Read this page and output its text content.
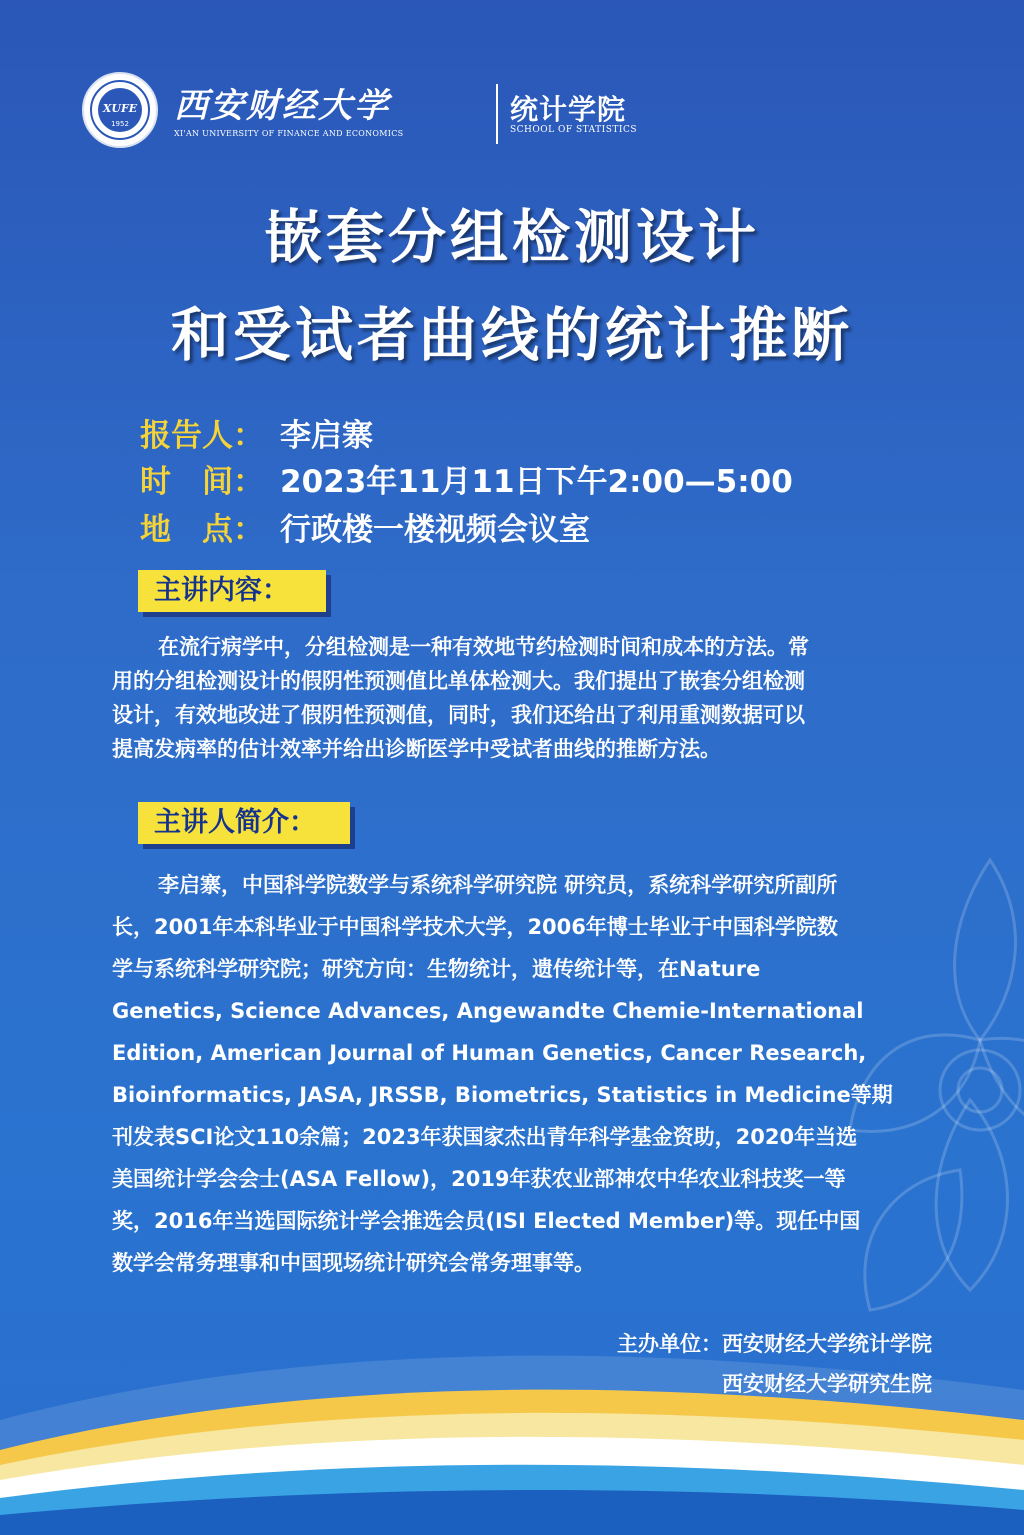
XUFE
1952	西安财经大学
XI'AN UNIVERSITY OF FINANCE AND ECONOMICS
统计学院
SCHOOL OF STATISTICS
嵌套分组检测设计
和受试者曲线的统计推断
报告人： 李启寨
时　间： 2023年11月11日下午2:00—5:00
地　点： 行政楼一楼视频会议室
主讲内容：
在流行病学中，分组检测是一种有效地节约检测时间和成本的方法。常
用的分组检测设计的假阴性预测值比单体检测大。我们提出了嵌套分组检测
设计，有效地改进了假阴性预测值，同时，我们还给出了利用重测数据可以
提高发病率的估计效率并给出诊断医学中受试者曲线的推断方法。
主讲人简介：
李启寨，中国科学院数学与系统科学研究院 研究员，系统科学研究所副所
长，2001年本科毕业于中国科学技术大学，2006年博士毕业于中国科学院数
学与系统科学研究院；研究方向：生物统计，遗传统计等，在Nature
Genetics, Science Advances, Angewandte Chemie-International
Edition, American Journal of Human Genetics, Cancer Research,
Bioinformatics, JASA, JRSSB, Biometrics, Statistics in Medicine等期
刊发表SCI论文110余篇；2023年获国家杰出青年科学基金资助，2020年当选
美国统计学会会士(ASA Fellow)，2019年获农业部神农中华农业科技奖一等
奖，2016年当选国际统计学会推选会员(ISI Elected Member)等。现任中国
数学会常务理事和中国现场统计研究会常务理事等。
主办单位：西安财经大学统计学院
西安财经大学研究生院
